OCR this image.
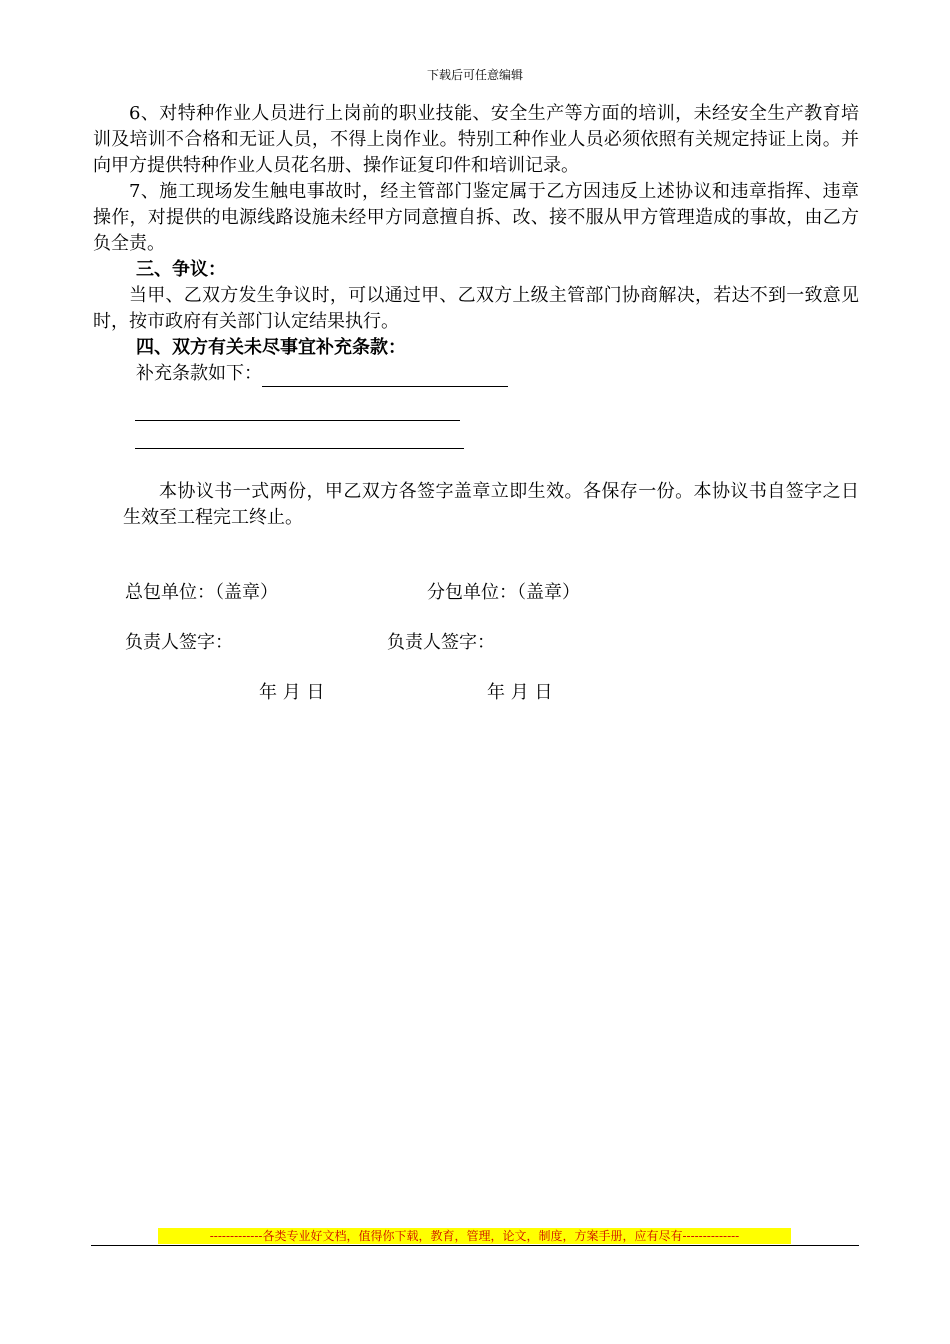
下载后可任意编辑

6、对特种作业人员进行上岗前的职业技能、安全生产等方面的培训，未经安全生产教育培训及培训不合格和无证人员，不得上岗作业。特别工种作业人员必须依照有关规定持证上岗。并向甲方提供特种作业人员花名册、操作证复印件和培训记录。

7、施工现场发生触电事故时，经主管部门鉴定属于乙方因违反上述协议和违章指挥、违章操作，对提供的电源线路设施未经甲方同意擅自拆、改、接不服从甲方管理造成的事故，由乙方负全责。

三、争议：

当甲、乙双方发生争议时，可以通过甲、乙双方上级主管部门协商解决，若达不到一致意见时，按市政府有关部门认定结果执行。

四、双方有关未尽事宜补充条款：

补充条款如下：

本协议书一式两份，甲乙双方各签字盖章立即生效。各保存一份。本协议书自签字之日生效至工程完工终止。

总包单位：（盖章）	分包单位：（盖章）
负责人签字：	负责人签字：
年 月 日	年 月 日
-------------各类专业好文档，值得你下载，教育，管理，论文，制度，方案手册，应有尽有--------------
